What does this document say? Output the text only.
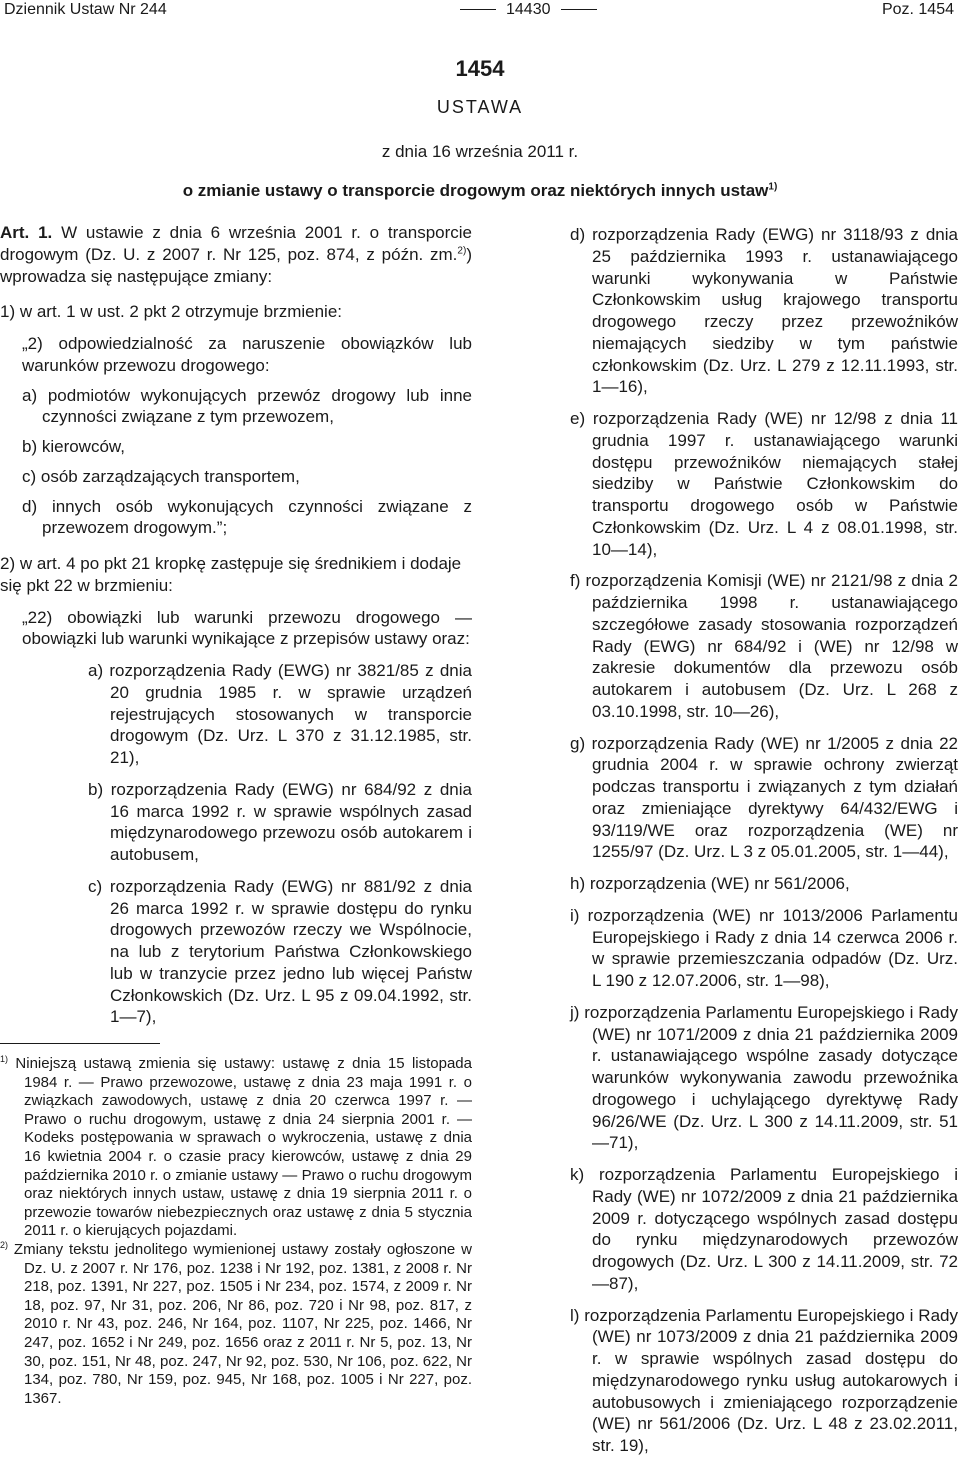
Dziennik Ustaw Nr 244	14430	Poz. 1454
1454
USTAWA
z dnia 16 września 2011 r.
o zmianie ustawy o transporcie drogowym oraz niektórych innych ustaw$^{1)}$

Art. 1. W ustawie z dnia 6 września 2001 r. o transporcie drogowym (Dz. U. z 2007 r. Nr 125, poz. 874, z późn. zm.$^{2)}$) wprowadza się następujące zmiany:

1) w art. 1 w ust. 2 pkt 2 otrzymuje brzmienie:

„2) odpowiedzialność za naruszenie obowiązków lub warunków przewozu drogowego:

a) podmiotów wykonujących przewóz drogowy lub inne czynności związane z tym przewozem,

b) kierowców,

c) osób zarządzających transportem,

d) innych osób wykonujących czynności związane z przewozem drogowym.”;

2) w art. 4 po pkt 21 kropkę zastępuje się średnikiem i dodaje się pkt 22 w brzmieniu:

„22) obowiązki lub warunki przewozu drogowego — obowiązki lub warunki wynikające z przepisów ustawy oraz:

a) rozporządzenia Rady (EWG) nr 3821/85 z dnia 20 grudnia 1985 r. w sprawie urządzeń rejestrujących stosowanych w transporcie drogowym (Dz. Urz. L 370 z 31.12.1985, str. 21),

b) rozporządzenia Rady (EWG) nr 684/92 z dnia 16 marca 1992 r. w sprawie wspólnych zasad międzynarodowego przewozu osób autokarem i autobusem,

c) rozporządzenia Rady (EWG) nr 881/92 z dnia 26 marca 1992 r. w sprawie dostępu do rynku drogowych przewozów rzeczy we Wspólnocie, na lub z terytorium Państwa Członkowskiego lub w tranzycie przez jedno lub więcej Państw Członkowskich (Dz. Urz. L 95 z 09.04.1992, str. 1—7),

$^{1)}$ Niniejszą ustawą zmienia się ustawy: ustawę z dnia 15 listopada 1984 r. — Prawo przewozowe, ustawę z dnia 23 maja 1991 r. o związkach zawodowych, ustawę z dnia 20 czerwca 1997 r. — Prawo o ruchu drogowym, ustawę z dnia 24 sierpnia 2001 r. — Kodeks postępowania w sprawach o wykroczenia, ustawę z dnia 16 kwietnia 2004 r. o czasie pracy kierowców, ustawę z dnia 29 października 2010 r. o zmianie ustawy — Prawo o ruchu drogowym oraz niektórych innych ustaw, ustawę z dnia 19 sierpnia 2011 r. o przewozie towarów niebezpiecznych oraz ustawę z dnia 5 stycznia 2011 r. o kierujących pojazdami.

$^{2)}$ Zmiany tekstu jednolitego wymienionej ustawy zostały ogłoszone w Dz. U. z 2007 r. Nr 176, poz. 1238 i Nr 192, poz. 1381, z 2008 r. Nr 218, poz. 1391, Nr 227, poz. 1505 i Nr 234, poz. 1574, z 2009 r. Nr 18, poz. 97, Nr 31, poz. 206, Nr 86, poz. 720 i Nr 98, poz. 817, z 2010 r. Nr 43, poz. 246, Nr 164, poz. 1107, Nr 225, poz. 1466, Nr 247, poz. 1652 i Nr 249, poz. 1656 oraz z 2011 r. Nr 5, poz. 13, Nr 30, poz. 151, Nr 48, poz. 247, Nr 92, poz. 530, Nr 106, poz. 622, Nr 134, poz. 780, Nr 159, poz. 945, Nr 168, poz. 1005 i Nr 227, poz. 1367.

d) rozporządzenia Rady (EWG) nr 3118/93 z dnia 25 października 1993 r. ustanawiającego warunki wykonywania w Państwie Członkowskim usług krajowego transportu drogowego rzeczy przez przewoźników niemających siedziby w tym państwie członkowskim (Dz. Urz. L 279 z 12.11.1993, str. 1—16),

e) rozporządzenia Rady (WE) nr 12/98 z dnia 11 grudnia 1997 r. ustanawiającego warunki dostępu przewoźników niemających stałej siedziby w Państwie Członkowskim do transportu drogowego osób w Państwie Członkowskim (Dz. Urz. L 4 z 08.01.1998, str. 10—14),

f) rozporządzenia Komisji (WE) nr 2121/98 z dnia 2 października 1998 r. ustanawiającego szczegółowe zasady stosowania rozporządzeń Rady (EWG) nr 684/92 i (WE) nr 12/98 w zakresie dokumentów dla przewozu osób autokarem i autobusem (Dz. Urz. L 268 z 03.10.1998, str. 10—26),

g) rozporządzenia Rady (WE) nr 1/2005 z dnia 22 grudnia 2004 r. w sprawie ochrony zwierząt podczas transportu i związanych z tym działań oraz zmieniające dyrektywy 64/432/EWG i 93/119/WE oraz rozporządzenia (WE) nr 1255/97 (Dz. Urz. L 3 z 05.01.2005, str. 1—44),

h) rozporządzenia (WE) nr 561/2006,

i) rozporządzenia (WE) nr 1013/2006 Parlamentu Europejskiego i Rady z dnia 14 czerwca 2006 r. w sprawie przemieszczania odpadów (Dz. Urz. L 190 z 12.07.2006, str. 1—98),

j) rozporządzenia Parlamentu Europejskiego i Rady (WE) nr 1071/2009 z dnia 21 października 2009 r. ustanawiającego wspólne zasady dotyczące warunków wykonywania zawodu przewoźnika drogowego i uchylającego dyrektywę Rady 96/26/WE (Dz. Urz. L 300 z 14.11.2009, str. 51—71),

k) rozporządzenia Parlamentu Europejskiego i Rady (WE) nr 1072/2009 z dnia 21 października 2009 r. dotyczącego wspólnych zasad dostępu do rynku międzynarodowych przewozów drogowych (Dz. Urz. L 300 z 14.11.2009, str. 72—87),

l) rozporządzenia Parlamentu Europejskiego i Rady (WE) nr 1073/2009 z dnia 21 października 2009 r. w sprawie wspólnych zasad dostępu do międzynarodowego rynku usług autokarowych i autobusowych i zmieniającego rozporządzenie (WE) nr 561/2006 (Dz. Urz. L 48 z 23.02.2011, str. 19),
